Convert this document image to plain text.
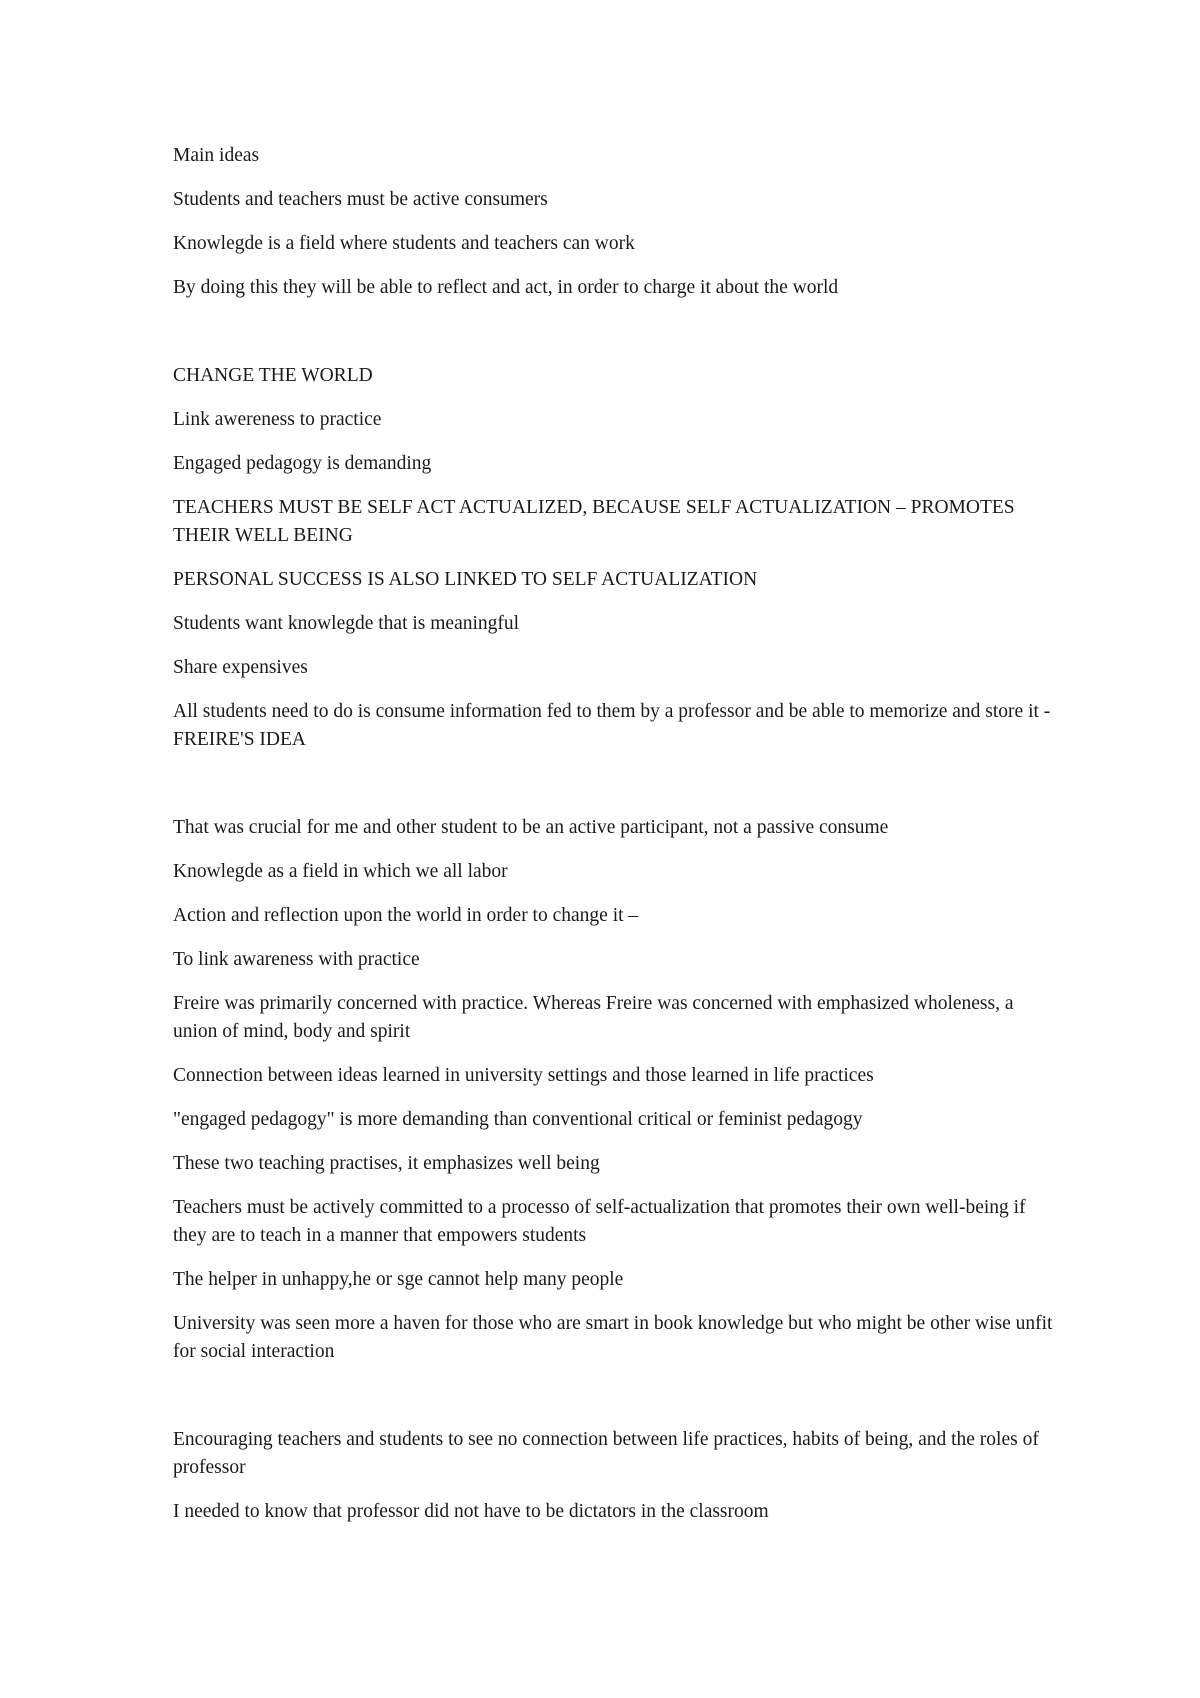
Main ideas

Students and teachers must be active consumers

Knowlegde is a field where students and teachers can work

By doing this they will be able to reflect and act, in order to charge it about the world

CHANGE THE WORLD

Link awereness to practice

Engaged pedagogy is demanding

TEACHERS MUST BE SELF ACT ACTUALIZED, BECAUSE SELF ACTUALIZATION – PROMOTES THEIR WELL BEING

PERSONAL SUCCESS IS ALSO LINKED TO SELF ACTUALIZATION

Students want knowlegde that is meaningful

Share expensives

All students need to do is consume information fed to them by a professor and be able to memorize and store it - FREIRE'S IDEA

That was crucial for me and other student to be an active participant, not a passive consume

Knowlegde as a field in which we all labor

Action and reflection upon the world in order to change it –

To link awareness with practice

Freire was primarily concerned with practice. Whereas Freire was concerned with emphasized wholeness, a union of mind, body and spirit

Connection between ideas learned in university settings and those learned in life practices

"engaged pedagogy" is more demanding than conventional critical or feminist pedagogy

These two teaching practises, it emphasizes well being

Teachers must be actively committed to a processo of self-actualization that promotes their own well-being if they are to teach in a manner that empowers students

The helper in unhappy,he or sge cannot help many people

University was seen more a haven for those who are smart in book knowledge but who might be other wise unfit for social interaction

Encouraging teachers and students to see no connection between life practices, habits of being, and the roles of professor

I needed to know that professor did not have to be dictators in the classroom
